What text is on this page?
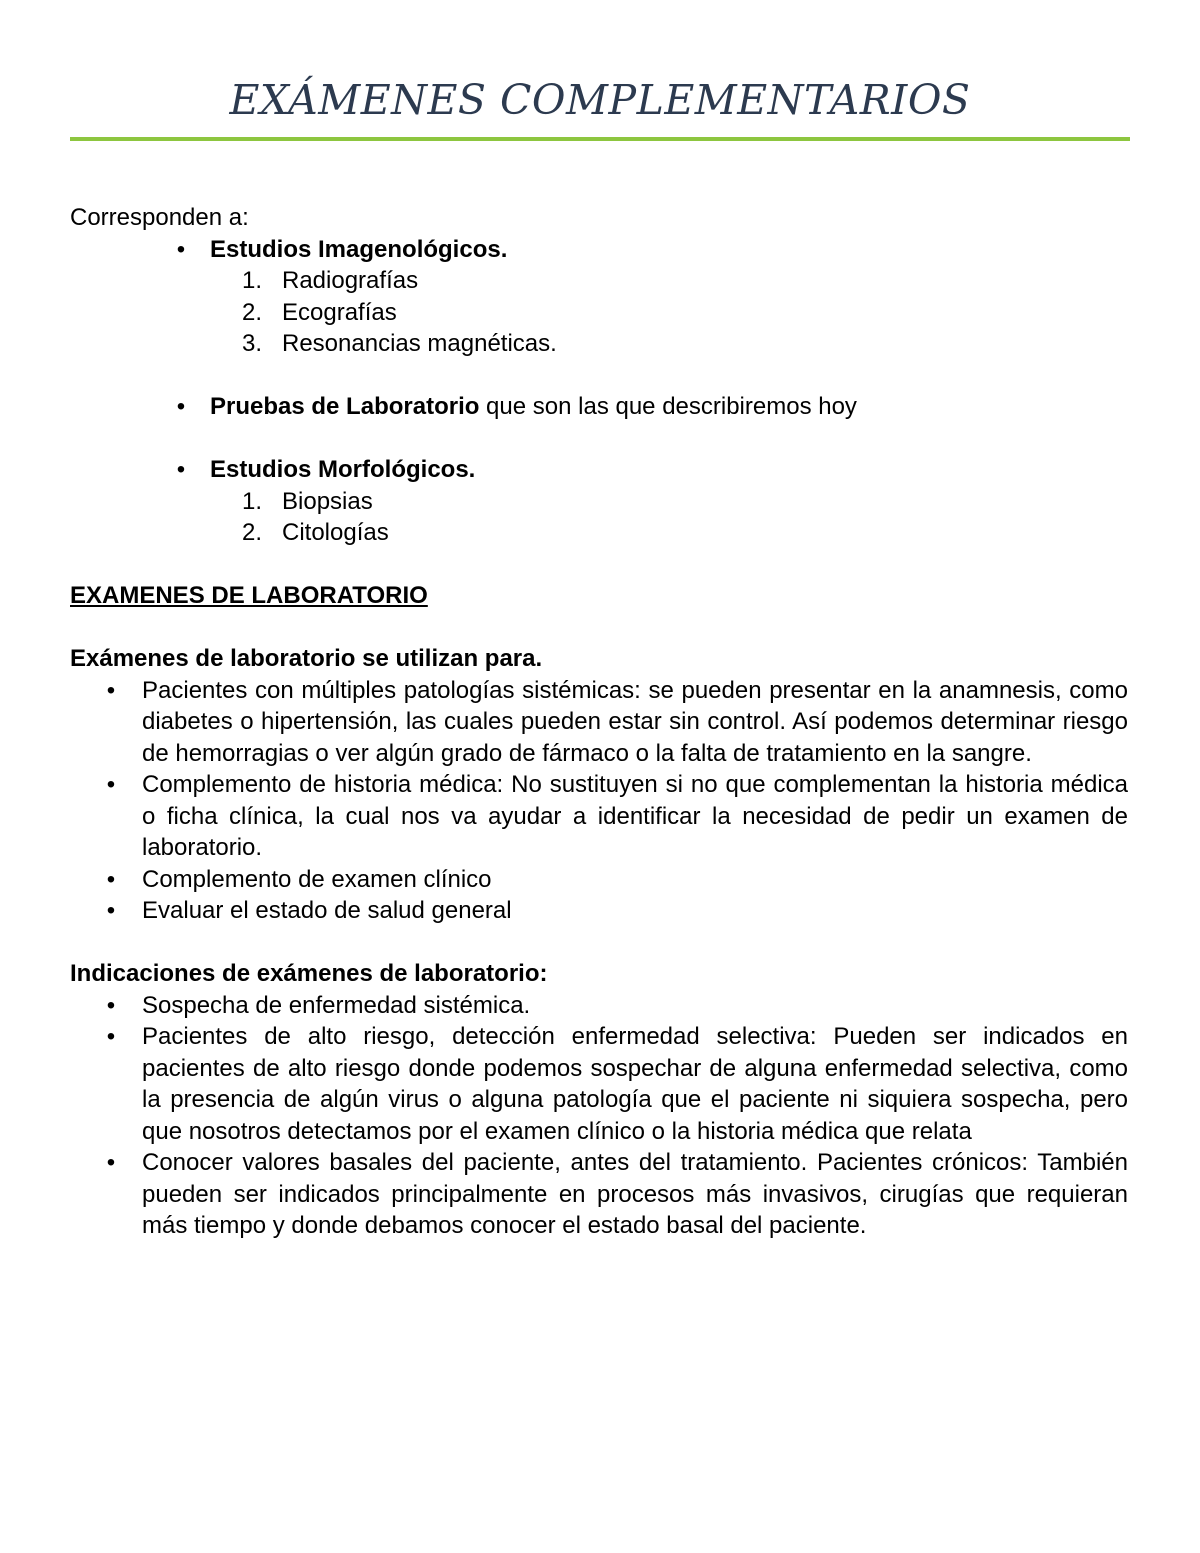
EXÁMENES COMPLEMENTARIOS

Corresponden a:

• Estudios Imagenológicos.
1. Radiografías
2. Ecografías
3. Resonancias magnéticas.
• Pruebas de Laboratorio que son las que describiremos hoy
• Estudios Morfológicos.
1. Biopsias
2. Citologías

EXAMENES DE LABORATORIO

Exámenes de laboratorio se utilizan para.

• Pacientes con múltiples patologías sistémicas: se pueden presentar en la anamnesis, como diabetes o hipertensión, las cuales pueden estar sin control. Así podemos determinar riesgo de hemorragias o ver algún grado de fármaco o la falta de tratamiento en la sangre.
• Complemento de historia médica: No sustituyen si no que complementan la historia médica o ficha clínica, la cual nos va ayudar a identificar la necesidad de pedir un examen de laboratorio.
• Complemento de examen clínico
• Evaluar el estado de salud general

Indicaciones de exámenes de laboratorio:

• Sospecha de enfermedad sistémica.
• Pacientes de alto riesgo, detección enfermedad selectiva: Pueden ser indicados en pacientes de alto riesgo donde podemos sospechar de alguna enfermedad selectiva, como la presencia de algún virus o alguna patología que el paciente ni siquiera sospecha, pero que nosotros detectamos por el examen clínico o la historia médica que relata
• Conocer valores basales del paciente, antes del tratamiento. Pacientes crónicos: También pueden ser indicados principalmente en procesos más invasivos, cirugías que requieran más tiempo y donde debamos conocer el estado basal del paciente.
